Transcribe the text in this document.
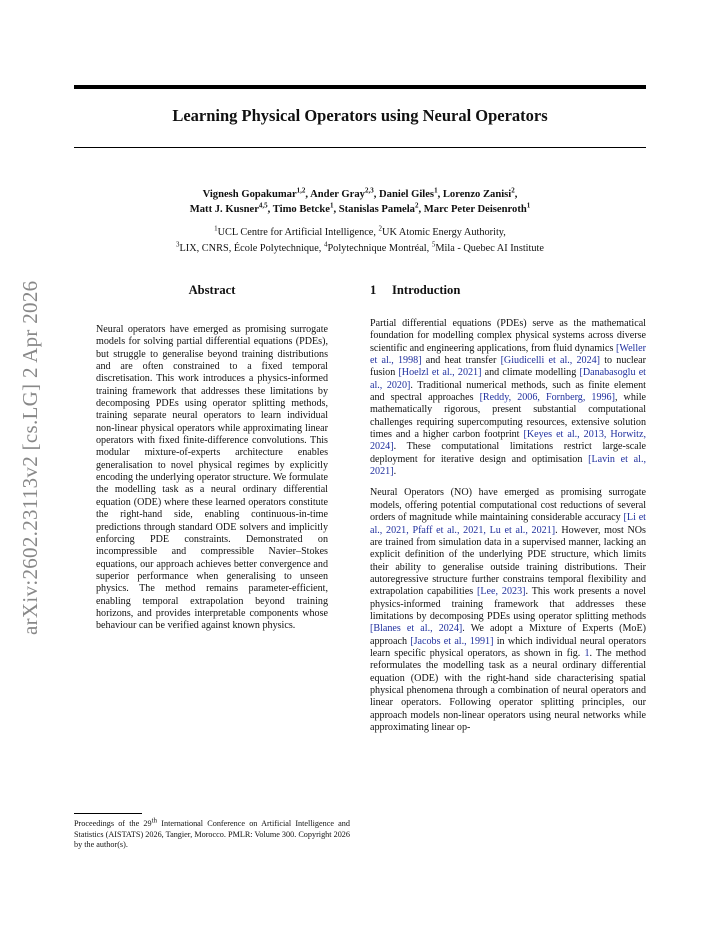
Learning Physical Operators using Neural Operators
Vignesh Gopakumar$^{1,2}$, Ander Gray$^{2,3}$, Daniel Giles$^1$, Lorenzo Zanisi$^2$,
Matt J. Kusner$^{4,5}$, Timo Betcke$^1$, Stanislas Pamela$^2$, Marc Peter Deisenroth$^1$
$^1$UCL Centre for Artificial Intelligence, $^2$UK Atomic Energy Authority,
$^3$LIX, CNRS, École Polytechnique, $^4$Polytechnique Montréal, $^5$Mila - Quebec AI Institute
arXiv:2602.23113v2 [cs.LG] 2 Apr 2026	Abstract
Neural operators have emerged as promising surrogate models for solving partial differential equations (PDEs), but struggle to generalise beyond training distributions and are often constrained to a fixed temporal discretisation. This work introduces a physics-informed training framework that addresses these limitations by decomposing PDEs using operator splitting methods, training separate neural operators to learn individual non-linear physical operators while approximating linear operators with fixed finite-difference convolutions. This modular mixture-of-experts architecture enables generalisation to novel physical regimes by explicitly encoding the underlying operator structure. We formulate the modelling task as a neural ordinary differential equation (ODE) where these learned operators constitute the right-hand side, enabling continuous-in-time predictions through standard ODE solvers and implicitly enforcing PDE constraints. Demonstrated on incompressible and compressible Navier–Stokes equations, our approach achieves better convergence and superior performance when generalising to unseen physics. The method remains parameter-efficient, enabling temporal extrapolation beyond training horizons, and provides interpretable components whose behaviour can be verified against known physics.
1 Introduction

Partial differential equations (PDEs) serve as the mathematical foundation for modelling complex physical systems across diverse scientific and engineering applications, from fluid dynamics [Weller et al., 1998] and heat transfer [Giudicelli et al., 2024] to nuclear fusion [Hoelzl et al., 2021] and climate modelling [Danabasoglu et al., 2020]. Traditional numerical methods, such as finite element and spectral approaches [Reddy, 2006, Fornberg, 1996], while mathematically rigorous, present substantial computational challenges requiring supercomputing resources, extensive solution times and a higher carbon footprint [Keyes et al., 2013, Horwitz, 2024]. These computational limitations restrict large-scale deployment for iterative design and optimisation [Lavin et al., 2021].

Neural Operators (NO) have emerged as promising surrogate models, offering potential computational cost reductions of several orders of magnitude while maintaining considerable accuracy [Li et al., 2021, Pfaff et al., 2021, Lu et al., 2021]. However, most NOs are trained from simulation data in a supervised manner, lacking an explicit definition of the underlying PDE structure, which limits their ability to generalise outside training distributions. Their autoregressive structure further constrains temporal flexibility and extrapolation capabilities [Lee, 2023]. This work presents a novel physics-informed training framework that addresses these limitations by decomposing PDEs using operator splitting methods [Blanes et al., 2024]. We adopt a Mixture of Experts (MoE) approach [Jacobs et al., 1991] in which individual neural operators learn specific physical operators, as shown in fig. 1. The method reformulates the modelling task as a neural ordinary differential equation (ODE) with the right-hand side characterising spatial physical phenomena through a combination of neural operators and linear operators. Following operator splitting principles, our approach models non-linear operators using neural networks while approximating linear op-

Proceedings of the 29th International Conference on Artificial Intelligence and Statistics (AISTATS) 2026, Tangier, Morocco. PMLR: Volume 300. Copyright 2026 by the author(s).
